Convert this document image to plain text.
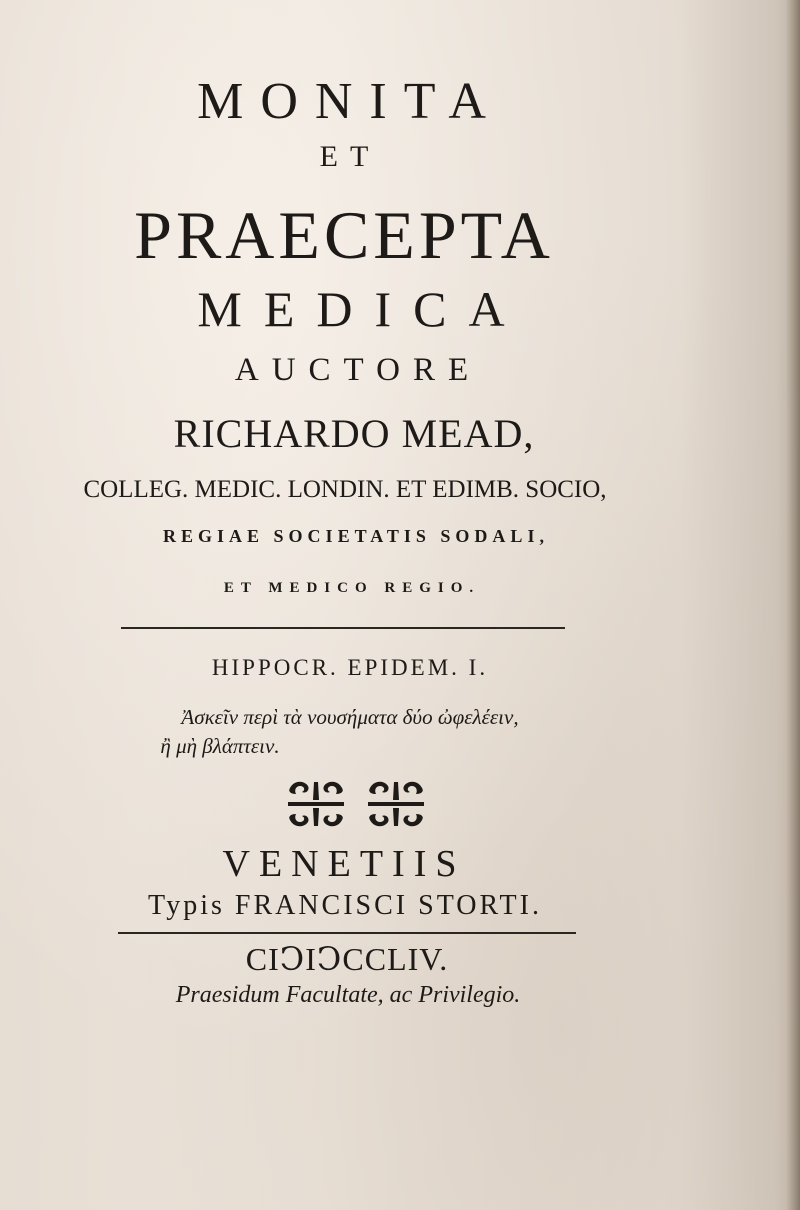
MONITA
ET
PRAECEPTA
MEDICA
AUCTORE
RICHARDO MEAD,
COLLEG. MEDIC. LONDIN. ET EDIMB. SOCIO,
REGIAE SOCIETATIS SODALI,
ET MEDICO REGIO.
HIPPOCR. EPIDEM. I.
Ἀσκεῖν περὶ τὰ νουσήματα δύο ὠφελέειν,
ἢ μὴ βλάπτειν.
VENETIIS
Typis FRANCISCI STORTI.
CIↃIↃCCLIV.
Praesidum Facultate, ac Privilegio.
